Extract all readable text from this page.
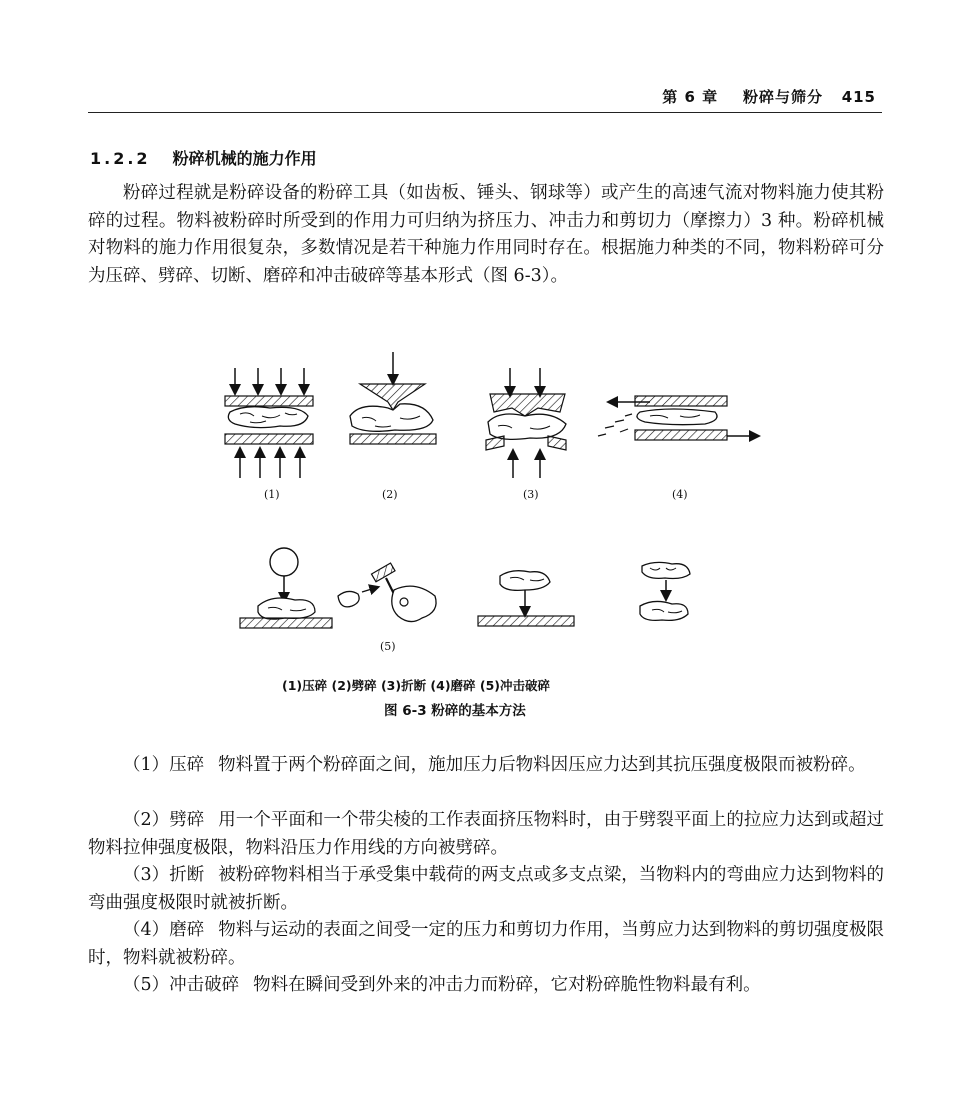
第 6 章 粉碎与筛分 415
1.2.2 粉碎机械的施力作用
粉碎过程就是粉碎设备的粉碎工具（如齿板、锤头、钢球等）或产生的高速气流对物料施力使其粉碎的过程。物料被粉碎时所受到的作用力可归纳为挤压力、冲击力和剪切力（摩擦力）3 种。粉碎机械对物料的施力作用很复杂，多数情况是若干种施力作用同时存在。根据施力种类的不同，物料粉碎可分为压碎、劈碎、切断、磨碎和冲击破碎等基本形式（图 6-3）。
(1)	(2)	(3)	(4)
(5)
(1)压碎 (2)劈碎 (3)折断 (4)磨碎 (5)冲击破碎
图 6-3 粉碎的基本方法
（1）压碎 物料置于两个粉碎面之间，施加压力后物料因压应力达到其抗压强度极限而被粉碎。
（2）劈碎 用一个平面和一个带尖棱的工作表面挤压物料时，由于劈裂平面上的拉应力达到或超过物料拉伸强度极限，物料沿压力作用线的方向被劈碎。
（3）折断 被粉碎物料相当于承受集中载荷的两支点或多支点梁，当物料内的弯曲应力达到物料的弯曲强度极限时就被折断。
（4）磨碎 物料与运动的表面之间受一定的压力和剪切力作用，当剪应力达到物料的剪切强度极限时，物料就被粉碎。
（5）冲击破碎 物料在瞬间受到外来的冲击力而粉碎，它对粉碎脆性物料最有利。
